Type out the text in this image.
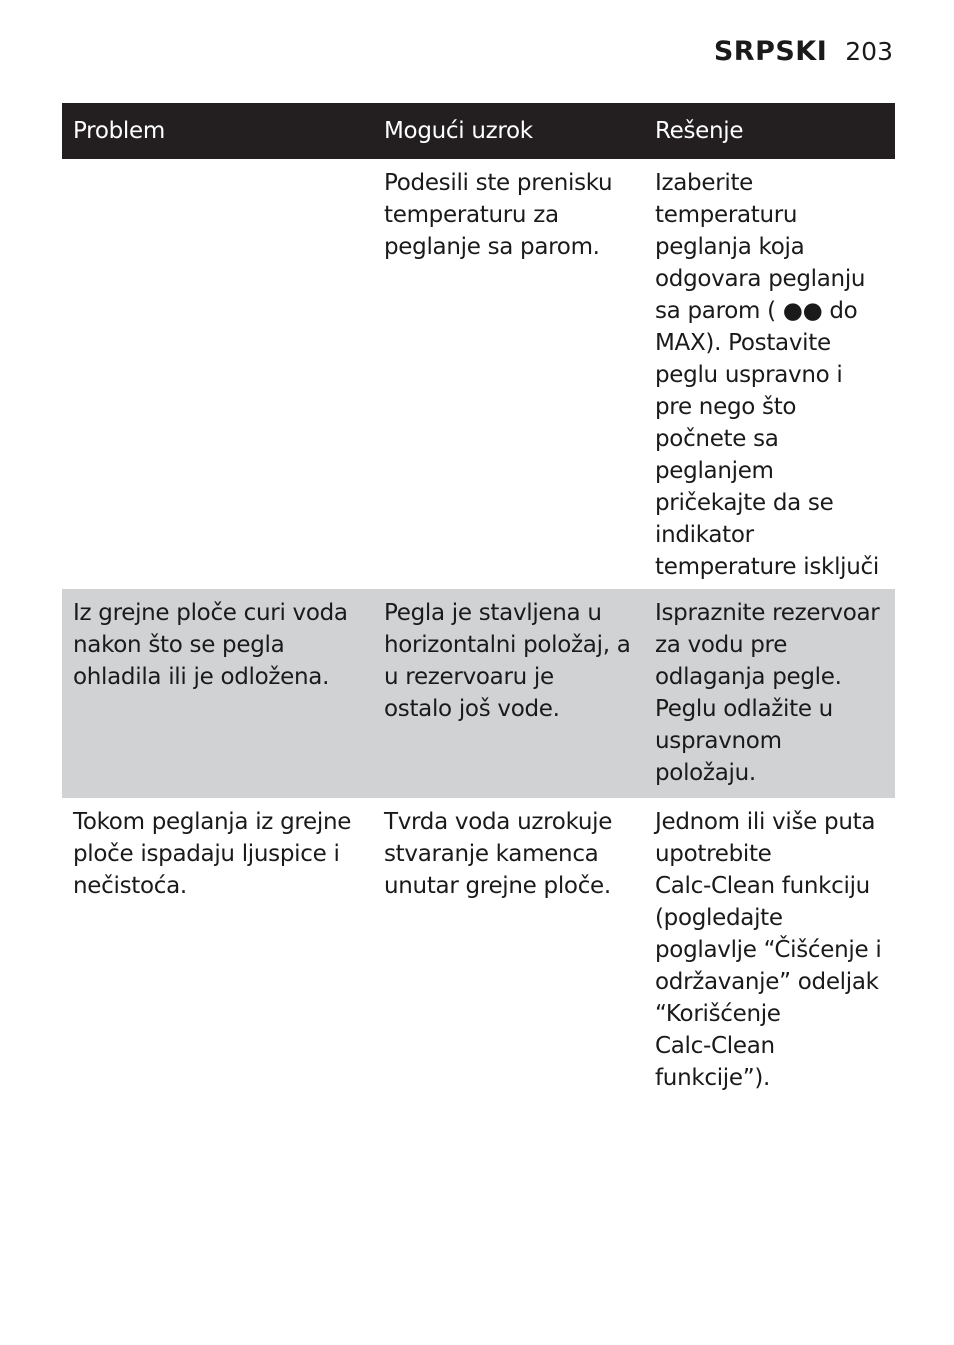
SRPSKI 203
Problem	Mogući uzrok	Rešenje
Podesili ste prenisku
temperaturu za
peglanje sa parom.
Izaberite
temperaturu
peglanja koja
odgovara peglanju
sa parom ( ●● do
MAX). Postavite
peglu uspravno i
pre nego što
počnete sa
peglanjem
pričekajte da se
indikator
temperature isključi
Iz grejne ploče curi voda
nakon što se pegla
ohladila ili je odložena.
Pegla je stavljena u
horizontalni položaj, a
u rezervoaru je
ostalo još vode.
Ispraznite rezervoar
za vodu pre
odlaganja pegle.
Peglu odlažite u
uspravnom
položaju.
Tokom peglanja iz grejne
ploče ispadaju ljuspice i
nečistoća.
Tvrda voda uzrokuje
stvaranje kamenca
unutar grejne ploče.
Jednom ili više puta
upotrebite
Calc-Clean funkciju
(pogledajte
poglavlje “Čišćenje i
održavanje” odeljak
“Korišćenje
Calc-Clean
funkcije”).
